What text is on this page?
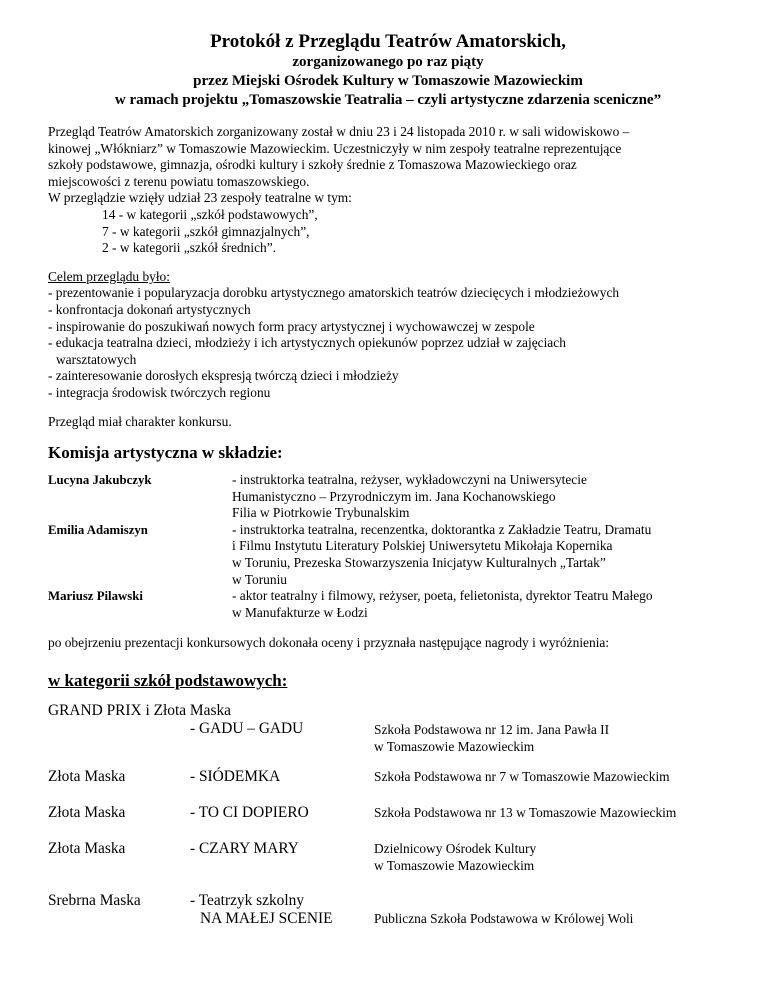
Protokół z Przeglądu Teatrów Amatorskich,
zorganizowanego po raz piąty
przez Miejski Ośrodek Kultury w Tomaszowie Mazowieckim
w ramach projektu „Tomaszowskie Teatralia – czyli artystyczne zdarzenia sceniczne”
Przegląd Teatrów Amatorskich zorganizowany został w dniu 23 i 24 listopada 2010 r. w sali widowiskowo –
kinowej „Włókniarz” w Tomaszowie Mazowieckim. Uczestniczyły w nim zespoły teatralne reprezentujące
szkoły podstawowe, gimnazja, ośrodki kultury i szkoły średnie z Tomaszowa Mazowieckiego oraz
miejscowości z terenu powiatu tomaszowskiego.
W przeglądzie wzięły udział 23 zespoły teatralne w tym:
14 - w kategorii „szkół podstawowych”,
7 - w kategorii „szkół gimnazjalnych”,
2 - w kategorii „szkół średnich”.
Celem przeglądu było:
- prezentowanie i popularyzacja dorobku artystycznego amatorskich teatrów dziecięcych i młodzieżowych
- konfrontacja dokonań artystycznych
- inspirowanie do poszukiwań nowych form pracy artystycznej i wychowawczej w zespole
- edukacja teatralna dzieci, młodzieży i ich artystycznych opiekunów poprzez udział w zajęciach
warsztatowych
- zainteresowanie dorosłych ekspresją twórczą dzieci i młodzieży
- integracja środowisk twórczych regionu
Przegląd miał charakter konkursu.
Komisja artystyczna w składzie:
Lucyna Jakubczyk	- instruktorka teatralna, reżyser, wykładowczyni na Uniwersytecie
Humanistyczno – Przyrodniczym im. Jana Kochanowskiego
Filia w Piotrkowie Trybunalskim
Emilia Adamiszyn	- instruktorka teatralna, recenzentka, doktorantka z Zakładzie Teatru, Dramatu
i Filmu Instytutu Literatury Polskiej Uniwersytetu Mikołaja Kopernika
w Toruniu, Prezeska Stowarzyszenia Inicjatyw Kulturalnych „Tartak”
w Toruniu
Mariusz Pilawski	- aktor teatralny i filmowy, reżyser, poeta, felietonista, dyrektor Teatru Małego
w Manufakturze w Łodzi
po obejrzeniu prezentacji konkursowych dokonała oceny i przyznała następujące nagrody i wyróżnienia:
w kategorii szkół podstawowych:
GRAND PRIX i Złota Maska
- GADU – GADU	Szkoła Podstawowa nr 12 im. Jana Pawła II
w Tomaszowie Mazowieckim
Złota Maska	- SIÓDEMKA	Szkoła Podstawowa nr 7 w Tomaszowie Mazowieckim
Złota Maska	- TO CI DOPIERO	Szkoła Podstawowa nr 13 w Tomaszowie Mazowieckim
Złota Maska	- CZARY MARY	Dzielnicowy Ośrodek Kultury
w Tomaszowie Mazowieckim
Srebrna Maska	- Teatrzyk szkolny
NA MAŁEJ SCENIE	Publiczna Szkoła Podstawowa w Królowej Woli
